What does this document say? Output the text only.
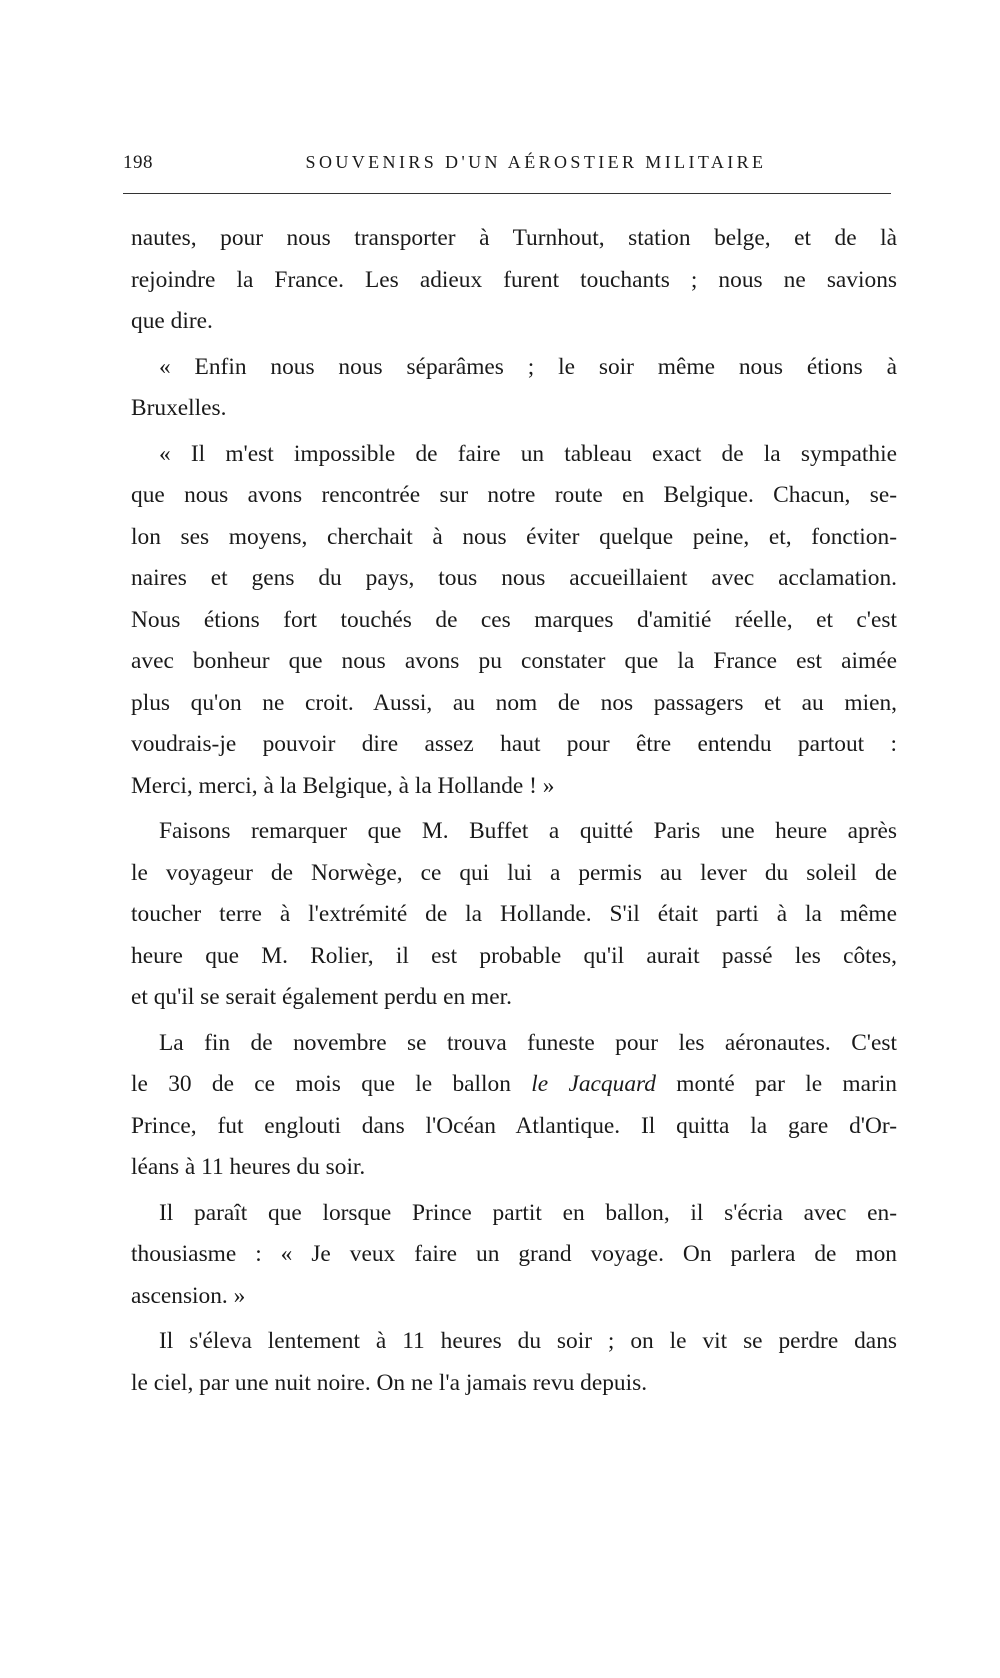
198	SOUVENIRS D'UN AÉROSTIER MILITAIRE

nautes, pour nous transporter à Turnhout, station belge, et de là
rejoindre la France. Les adieux furent touchants ; nous ne savions
que dire.

« Enfin nous nous séparâmes ; le soir même nous étions à
Bruxelles.

« Il m'est impossible de faire un tableau exact de la sympathie
que nous avons rencontrée sur notre route en Belgique. Chacun, se-
lon ses moyens, cherchait à nous éviter quelque peine, et, fonction-
naires et gens du pays, tous nous accueillaient avec acclamation.
Nous étions fort touchés de ces marques d'amitié réelle, et c'est
avec bonheur que nous avons pu constater que la France est aimée
plus qu'on ne croit. Aussi, au nom de nos passagers et au mien,
voudrais-je pouvoir dire assez haut pour être entendu partout :
Merci, merci, à la Belgique, à la Hollande ! »

Faisons remarquer que M. Buffet a quitté Paris une heure après
le voyageur de Norwège, ce qui lui a permis au lever du soleil de
toucher terre à l'extrémité de la Hollande. S'il était parti à la même
heure que M. Rolier, il est probable qu'il aurait passé les côtes,
et qu'il se serait également perdu en mer.

La fin de novembre se trouva funeste pour les aéronautes. C'est
le 30 de ce mois que le ballon le Jacquard monté par le marin
Prince, fut englouti dans l'Océan Atlantique. Il quitta la gare d'Or-
léans à 11 heures du soir.

Il paraît que lorsque Prince partit en ballon, il s'écria avec en-
thousiasme : « Je veux faire un grand voyage. On parlera de mon
ascension. »

Il s'éleva lentement à 11 heures du soir ; on le vit se perdre dans
le ciel, par une nuit noire. On ne l'a jamais revu depuis.
